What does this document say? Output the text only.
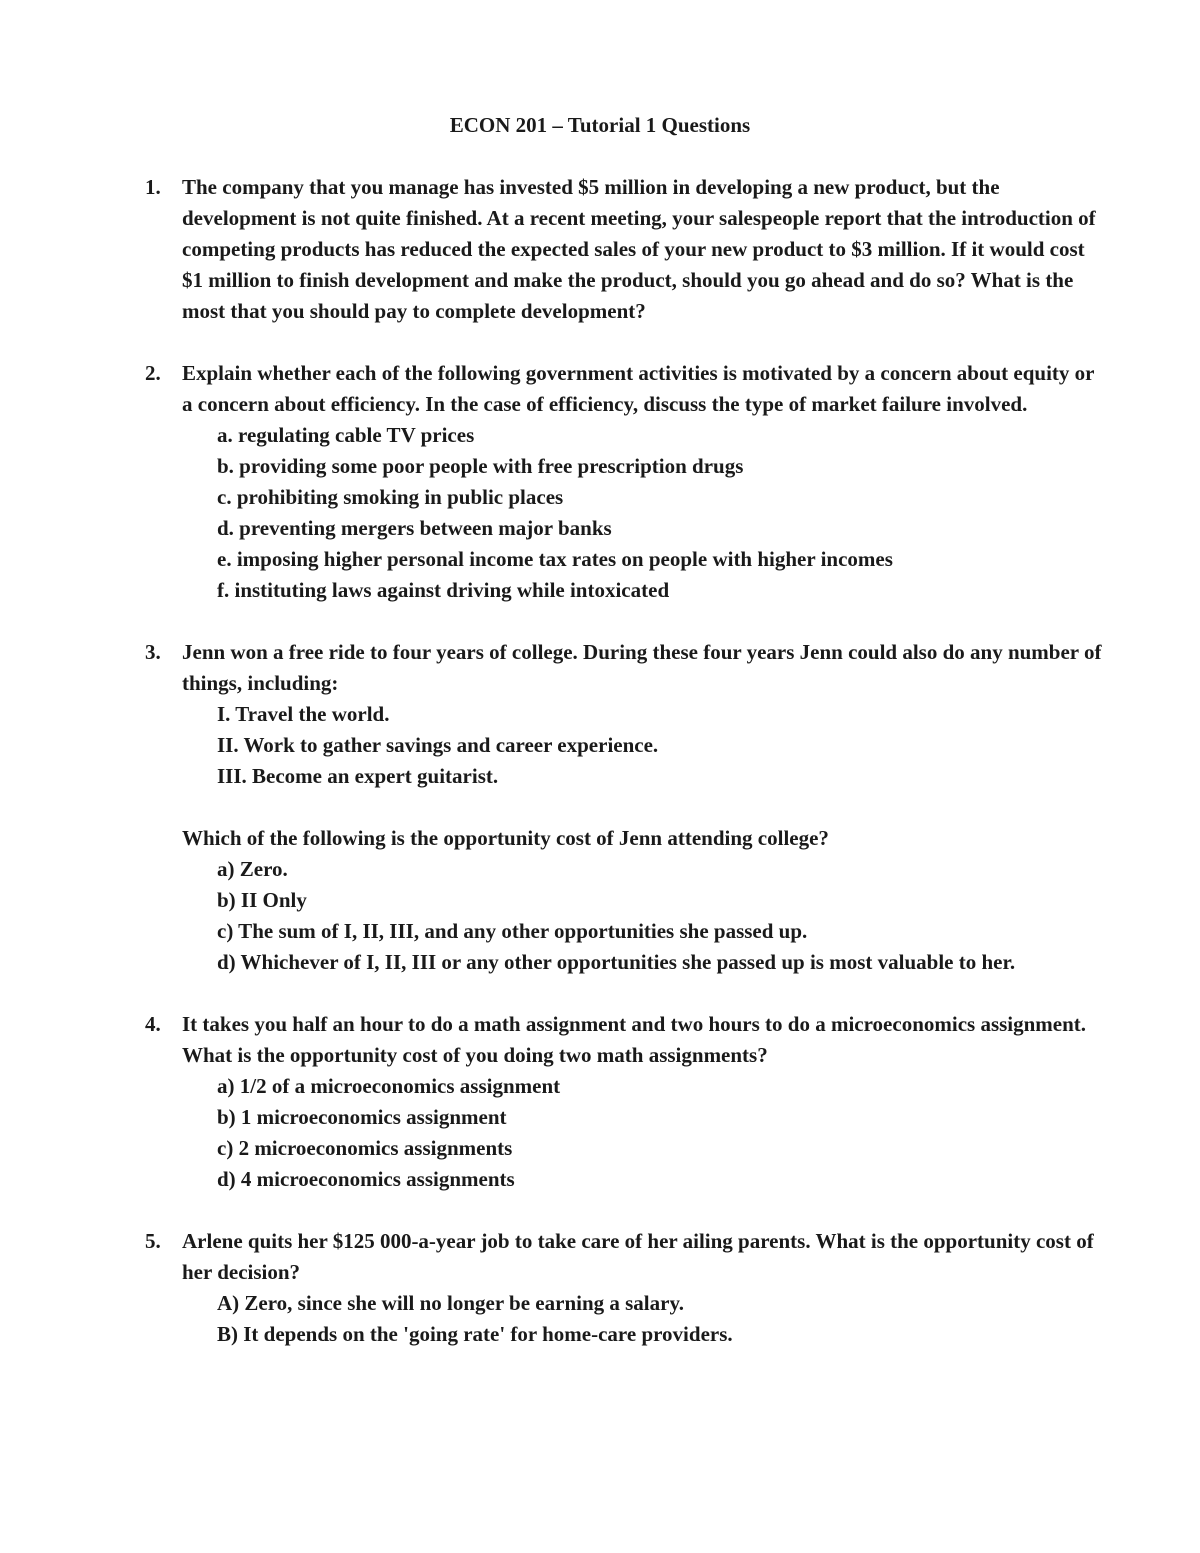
ECON 201 – Tutorial 1 Questions
1. The company that you manage has invested $5 million in developing a new product, but the development is not quite finished. At a recent meeting, your salespeople report that the introduction of competing products has reduced the expected sales of your new product to $3 million. If it would cost $1 million to finish development and make the product, should you go ahead and do so? What is the most that you should pay to complete development?

2. Explain whether each of the following government activities is motivated by a concern about equity or a concern about efficiency. In the case of efficiency, discuss the type of market failure involved.

a. regulating cable TV prices

b. providing some poor people with free prescription drugs

c. prohibiting smoking in public places

d. preventing mergers between major banks

e. imposing higher personal income tax rates on people with higher incomes

f. instituting laws against driving while intoxicated

3. Jenn won a free ride to four years of college. During these four years Jenn could also do any number of things, including:

I. Travel the world.

II. Work to gather savings and career experience.

III. Become an expert guitarist.

Which of the following is the opportunity cost of Jenn attending college?

a) Zero.

b) II Only

c) The sum of I, II, III, and any other opportunities she passed up.

d) Whichever of I, II, III or any other opportunities she passed up is most valuable to her.

4. It takes you half an hour to do a math assignment and two hours to do a microeconomics assignment. What is the opportunity cost of you doing two math assignments?

a) 1/2 of a microeconomics assignment

b) 1 microeconomics assignment

c) 2 microeconomics assignments

d) 4 microeconomics assignments

5. Arlene quits her $125 000-a-year job to take care of her ailing parents. What is the opportunity cost of her decision?

A) Zero, since she will no longer be earning a salary.

B) It depends on the 'going rate' for home-care providers.
